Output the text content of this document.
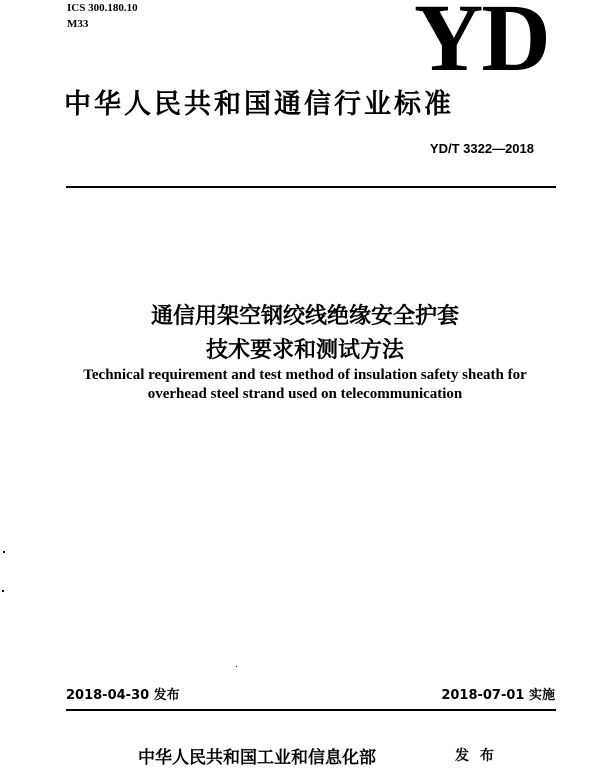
ICS 300.180.10
M33	YD
中华人民共和国通信行业标准
YD/T 3322—2018
通信用架空钢绞线绝缘安全护套
技术要求和测试方法
Technical requirement and test method of insulation safety sheath for
overhead steel strand used on telecommunication
2018-04-30 发布	2018-07-01 实施
中华人民共和国工业和信息化部	发 布
